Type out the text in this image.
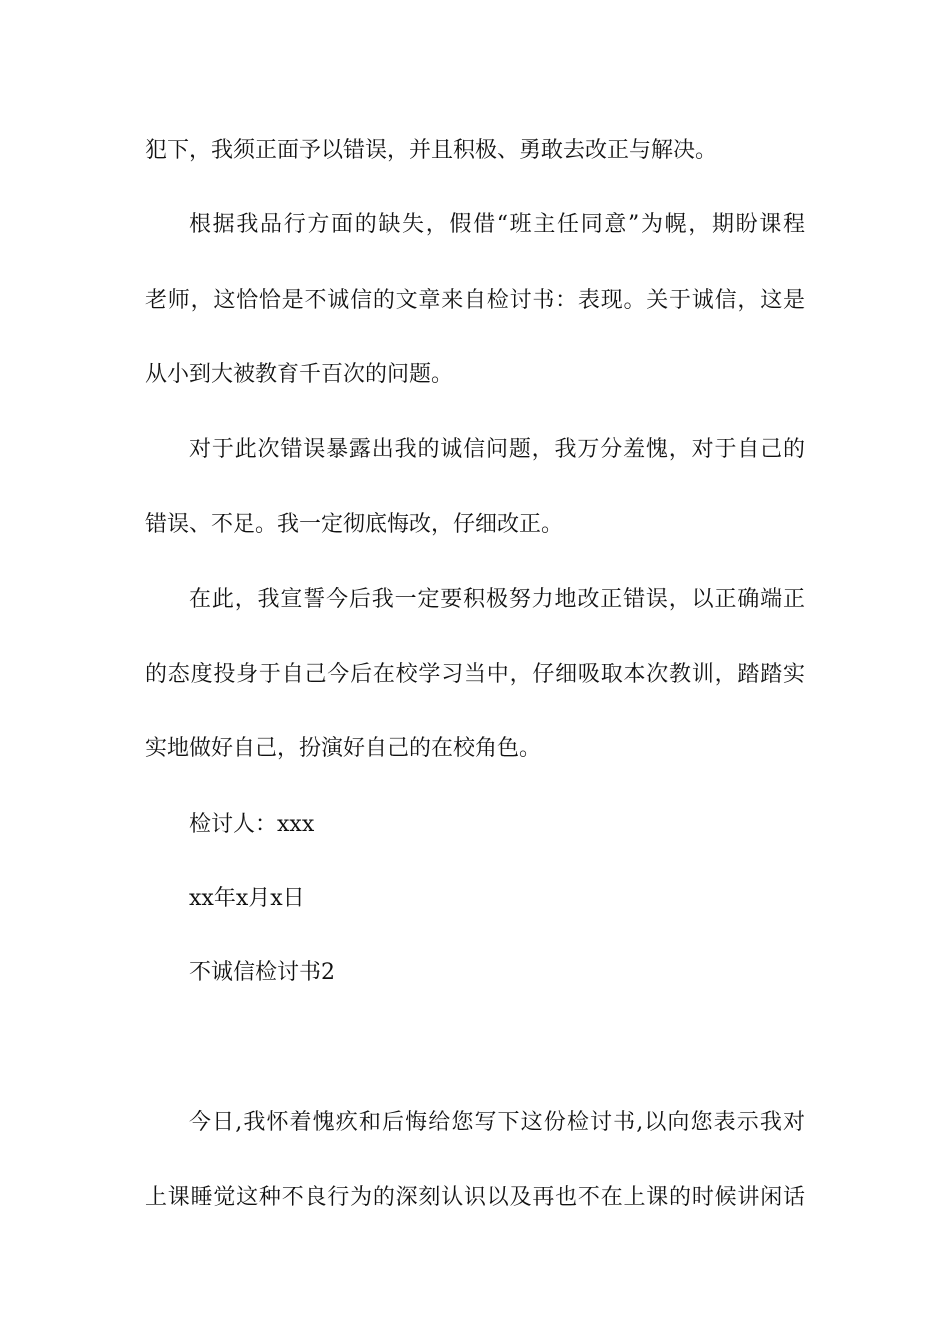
犯下，我须正面予以错误，并且积极、勇敢去改正与解决。
根据我品行方面的缺失，假借“班主任同意”为幌，期盼课程
老师，这恰恰是不诚信的文章来自检讨书：表现。关于诚信，这是
从小到大被教育千百次的问题。
对于此次错误暴露出我的诚信问题，我万分羞愧，对于自己的
错误、不足。我一定彻底悔改，仔细改正。
在此，我宣誓今后我一定要积极努力地改正错误，以正确端正
的态度投身于自己今后在校学习当中，仔细吸取本次教训，踏踏实
实地做好自己，扮演好自己的在校角色。
检讨人：xxx
xx年x月x日
不诚信检讨书2
今日,我怀着愧疚和后悔给您写下这份检讨书,以向您表示我对
上课睡觉这种不良行为的深刻认识以及再也不在上课的时候讲闲话
